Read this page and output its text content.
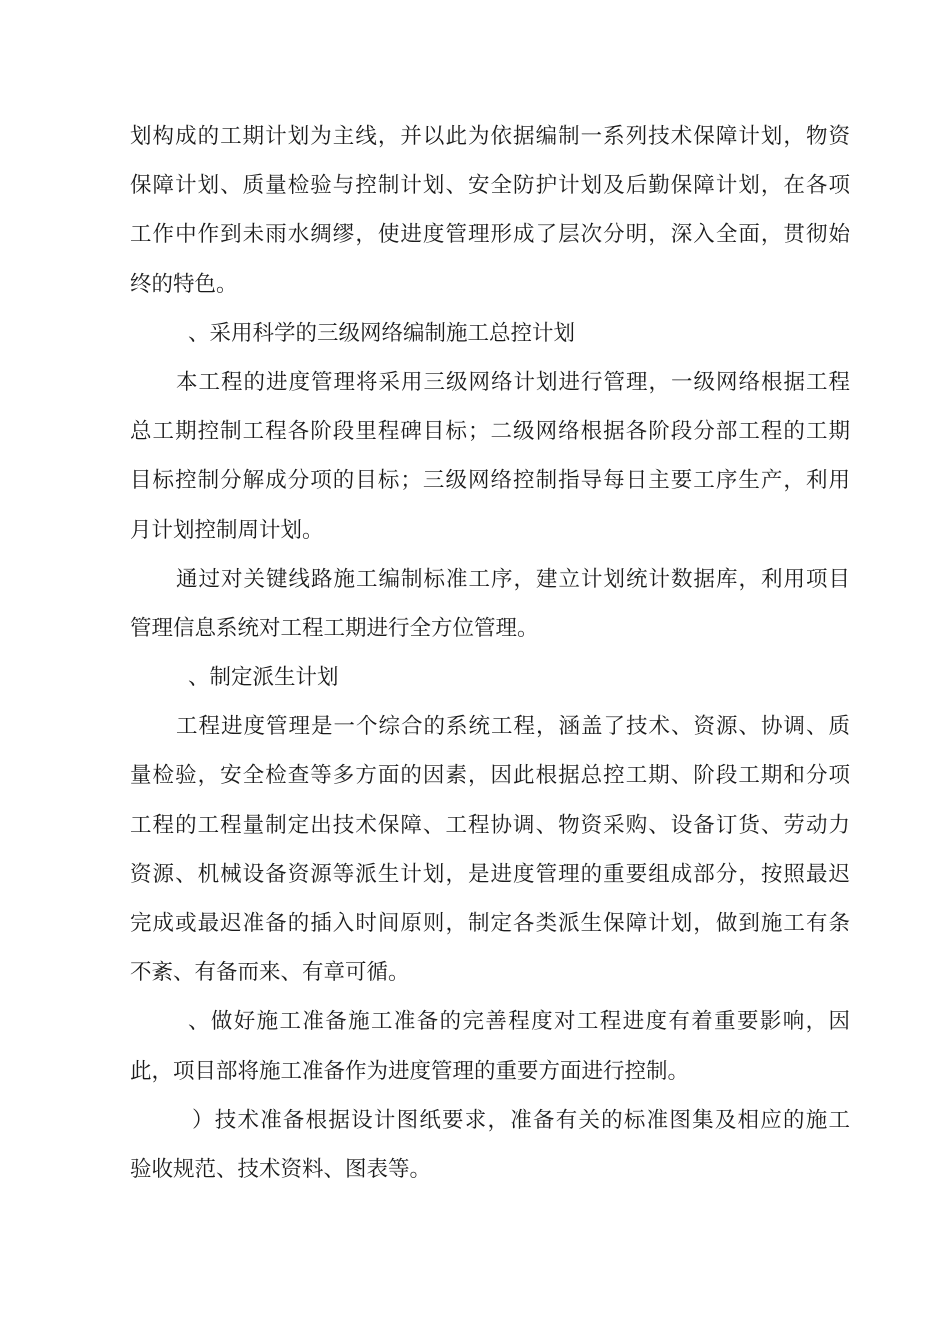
划构成的工期计划为主线，并以此为依据编制一系列技术保障计划，物资
保障计划、质量检验与控制计划、安全防护计划及后勤保障计划，在各项
工作中作到未雨水绸缪，使进度管理形成了层次分明，深入全面，贯彻始
终的特色。
、采用科学的三级网络编制施工总控计划
本工程的进度管理将采用三级网络计划进行管理，一级网络根据工程
总工期控制工程各阶段里程碑目标；二级网络根据各阶段分部工程的工期
目标控制分解成分项的目标；三级网络控制指导每日主要工序生产，利用
月计划控制周计划。
通过对关键线路施工编制标准工序，建立计划统计数据库，利用项目
管理信息系统对工程工期进行全方位管理。
、制定派生计划
工程进度管理是一个综合的系统工程，涵盖了技术、资源、协调、质
量检验，安全检查等多方面的因素，因此根据总控工期、阶段工期和分项
工程的工程量制定出技术保障、工程协调、物资采购、设备订货、劳动力
资源、机械设备资源等派生计划，是进度管理的重要组成部分，按照最迟
完成或最迟准备的插入时间原则，制定各类派生保障计划，做到施工有条
不紊、有备而来、有章可循。
、做好施工准备施工准备的完善程度对工程进度有着重要影响，因
此，项目部将施工准备作为进度管理的重要方面进行控制。
）技术准备根据设计图纸要求，准备有关的标准图集及相应的施工
验收规范、技术资料、图表等。
